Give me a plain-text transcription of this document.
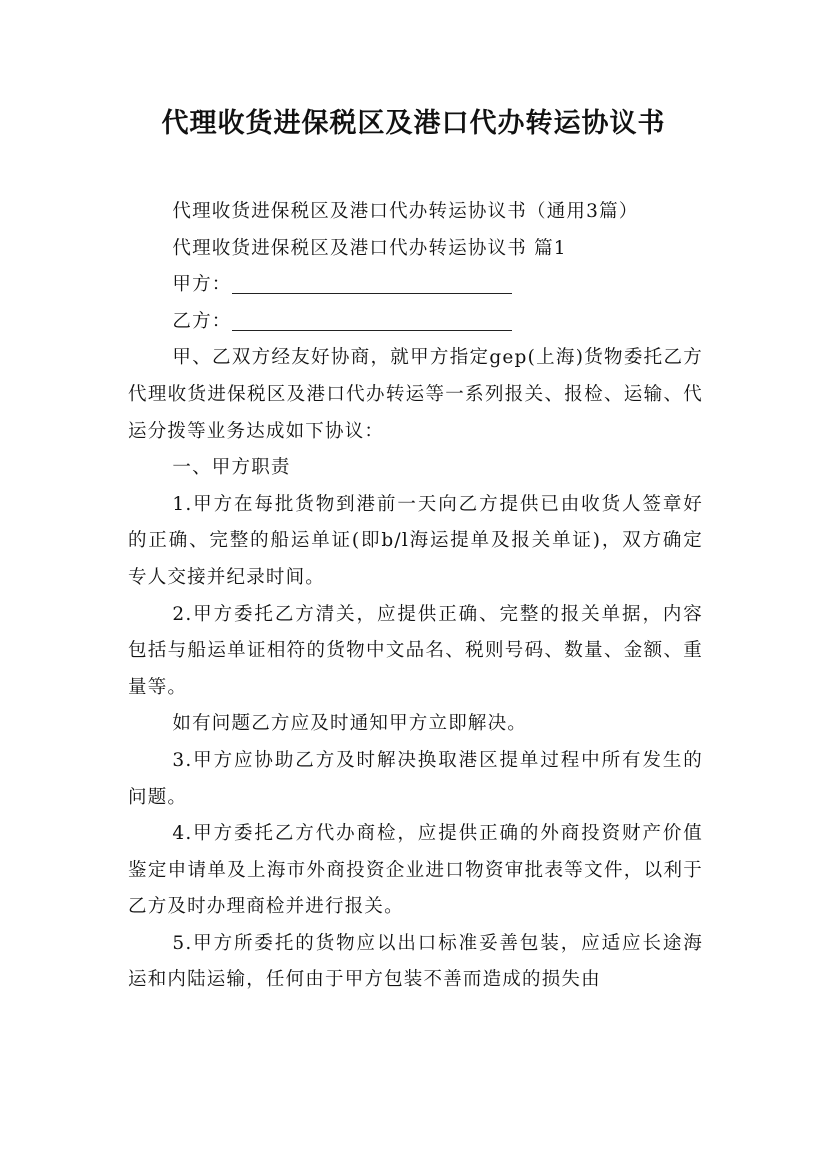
代理收货进保税区及港口代办转运协议书

代理收货进保税区及港口代办转运协议书（通用3篇）

代理收货进保税区及港口代办转运协议书 篇1

甲方：

乙方：

甲、乙双方经友好协商，就甲方指定gep(上海)货物委托乙方代理收货进保税区及港口代办转运等一系列报关、报检、运输、代运分拨等业务达成如下协议：

一、甲方职责

1.甲方在每批货物到港前一天向乙方提供已由收货人签章好的正确、完整的船运单证(即b/l海运提单及报关单证)，双方确定专人交接并纪录时间。

2.甲方委托乙方清关，应提供正确、完整的报关单据，内容包括与船运单证相符的货物中文品名、税则号码、数量、金额、重量等。

如有问题乙方应及时通知甲方立即解决。

3.甲方应协助乙方及时解决换取港区提单过程中所有发生的问题。

4.甲方委托乙方代办商检，应提供正确的外商投资财产价值鉴定申请单及上海市外商投资企业进口物资审批表等文件，以利于乙方及时办理商检并进行报关。

5.甲方所委托的货物应以出口标准妥善包装，应适应长途海运和内陆运输，任何由于甲方包装不善而造成的损失由
